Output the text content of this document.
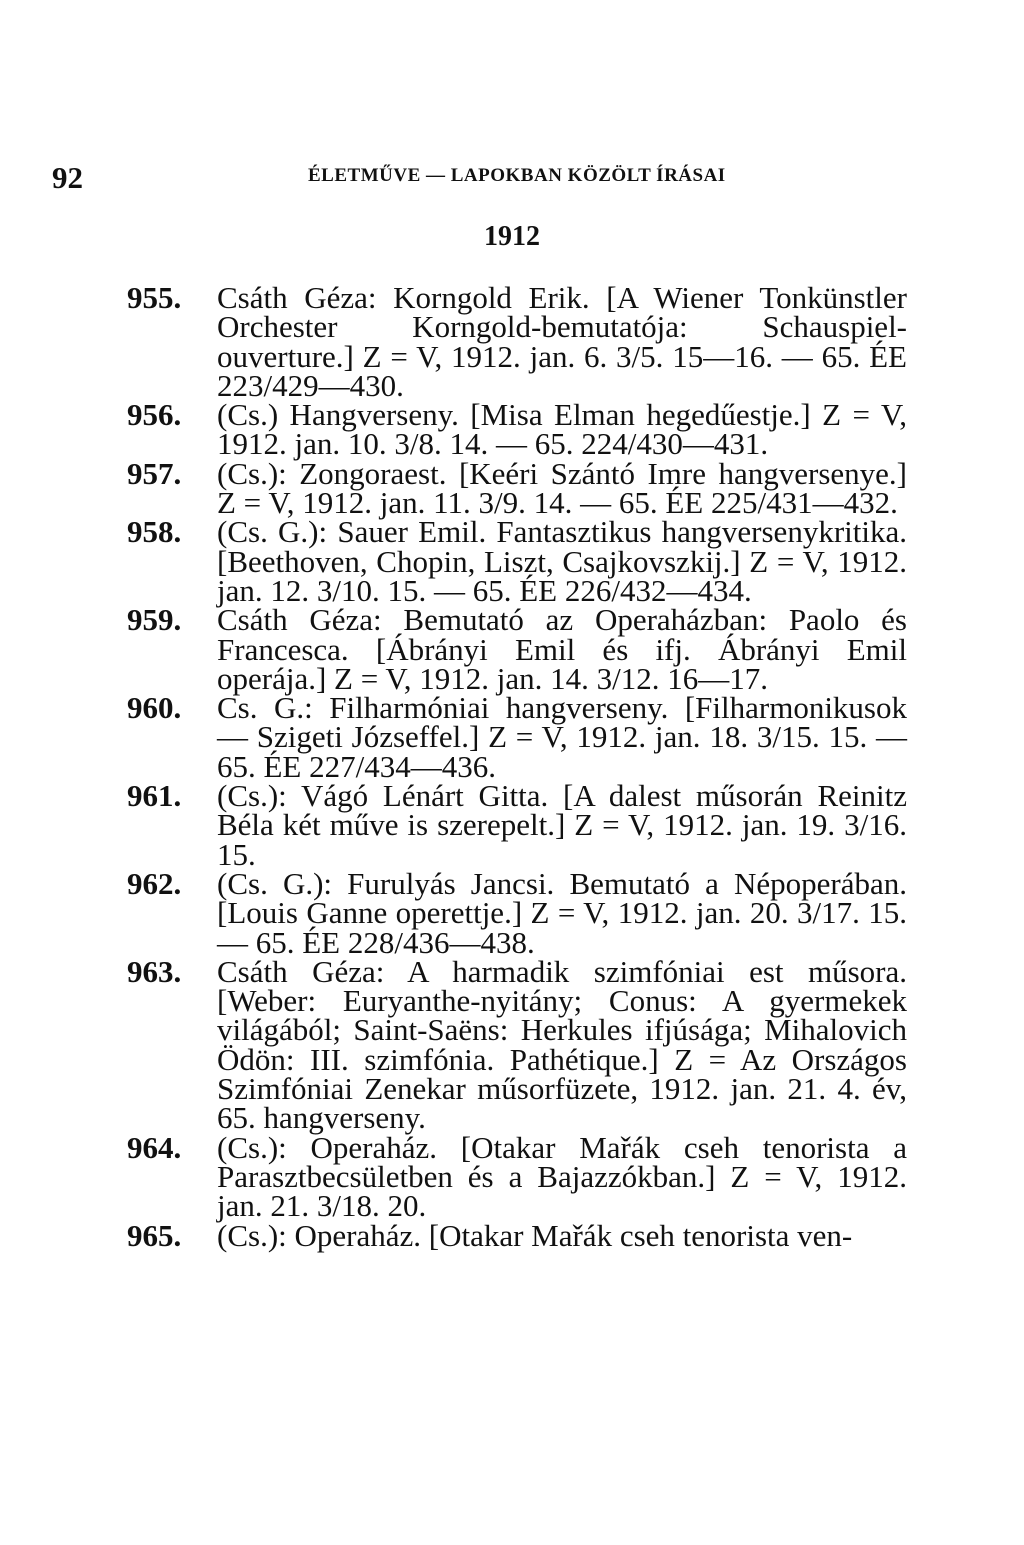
92	ÉLETMŰVE — LAPOKBAN KÖZÖLT ÍRÁSAI
1912
955.	Csáth Géza: Korngold Erik. [A Wiener Tonkünstler Orchester Korngold-bemutatója: Schauspiel-ouverture.] Z = V, 1912. jan. 6. 3/5. 15—16. — 65. ÉE 223/429—430.
956.	(Cs.) Hangverseny. [Misa Elman hegedűestje.] Z = V, 1912. jan. 10. 3/8. 14. — 65. 224/430—431.
957.	(Cs.): Zongoraest. [Keéri Szántó Imre hangversenye.] Z = V, 1912. jan. 11. 3/9. 14. — 65. ÉE 225/431—432.
958.	(Cs. G.): Sauer Emil. Fantasztikus hangversenykritika. [Beethoven, Chopin, Liszt, Csajkovszkij.] Z = V, 1912. jan. 12. 3/10. 15. — 65. ÉE 226/432—434.
959.	Csáth Géza: Bemutató az Operaházban: Paolo és Francesca. [Ábrányi Emil és ifj. Ábrányi Emil operája.] Z = V, 1912. jan. 14. 3/12. 16—17.
960.	Cs. G.: Filharmóniai hangverseny. [Filharmonikusok — Szigeti Józseffel.] Z = V, 1912. jan. 18. 3/15. 15. — 65. ÉE 227/434—436.
961.	(Cs.): Vágó Lénárt Gitta. [A dalest műsorán Reinitz Béla két műve is szerepelt.] Z = V, 1912. jan. 19. 3/16. 15.
962.	(Cs. G.): Furulyás Jancsi. Bemutató a Népoperában. [Louis Ganne operettje.] Z = V, 1912. jan. 20. 3/17. 15. — 65. ÉE 228/436—438.
963.	Csáth Géza: A harmadik szimfóniai est műsora. [Weber: Euryanthe-nyitány; Conus: A gyermekek világából; Saint-Saëns: Herkules ifjúsága; Mihalovich Ödön: III. szimfónia. Pathétique.] Z = Az Országos Szimfóniai Zenekar műsorfüzete, 1912. jan. 21. 4. év, 65. hangverseny.
964.	(Cs.): Operaház. [Otakar Mařák cseh tenorista a Parasztbecsületben és a Bajazzókban.] Z = V, 1912. jan. 21. 3/18. 20.
965.	(Cs.): Operaház. [Otakar Mařák cseh tenorista ven-
